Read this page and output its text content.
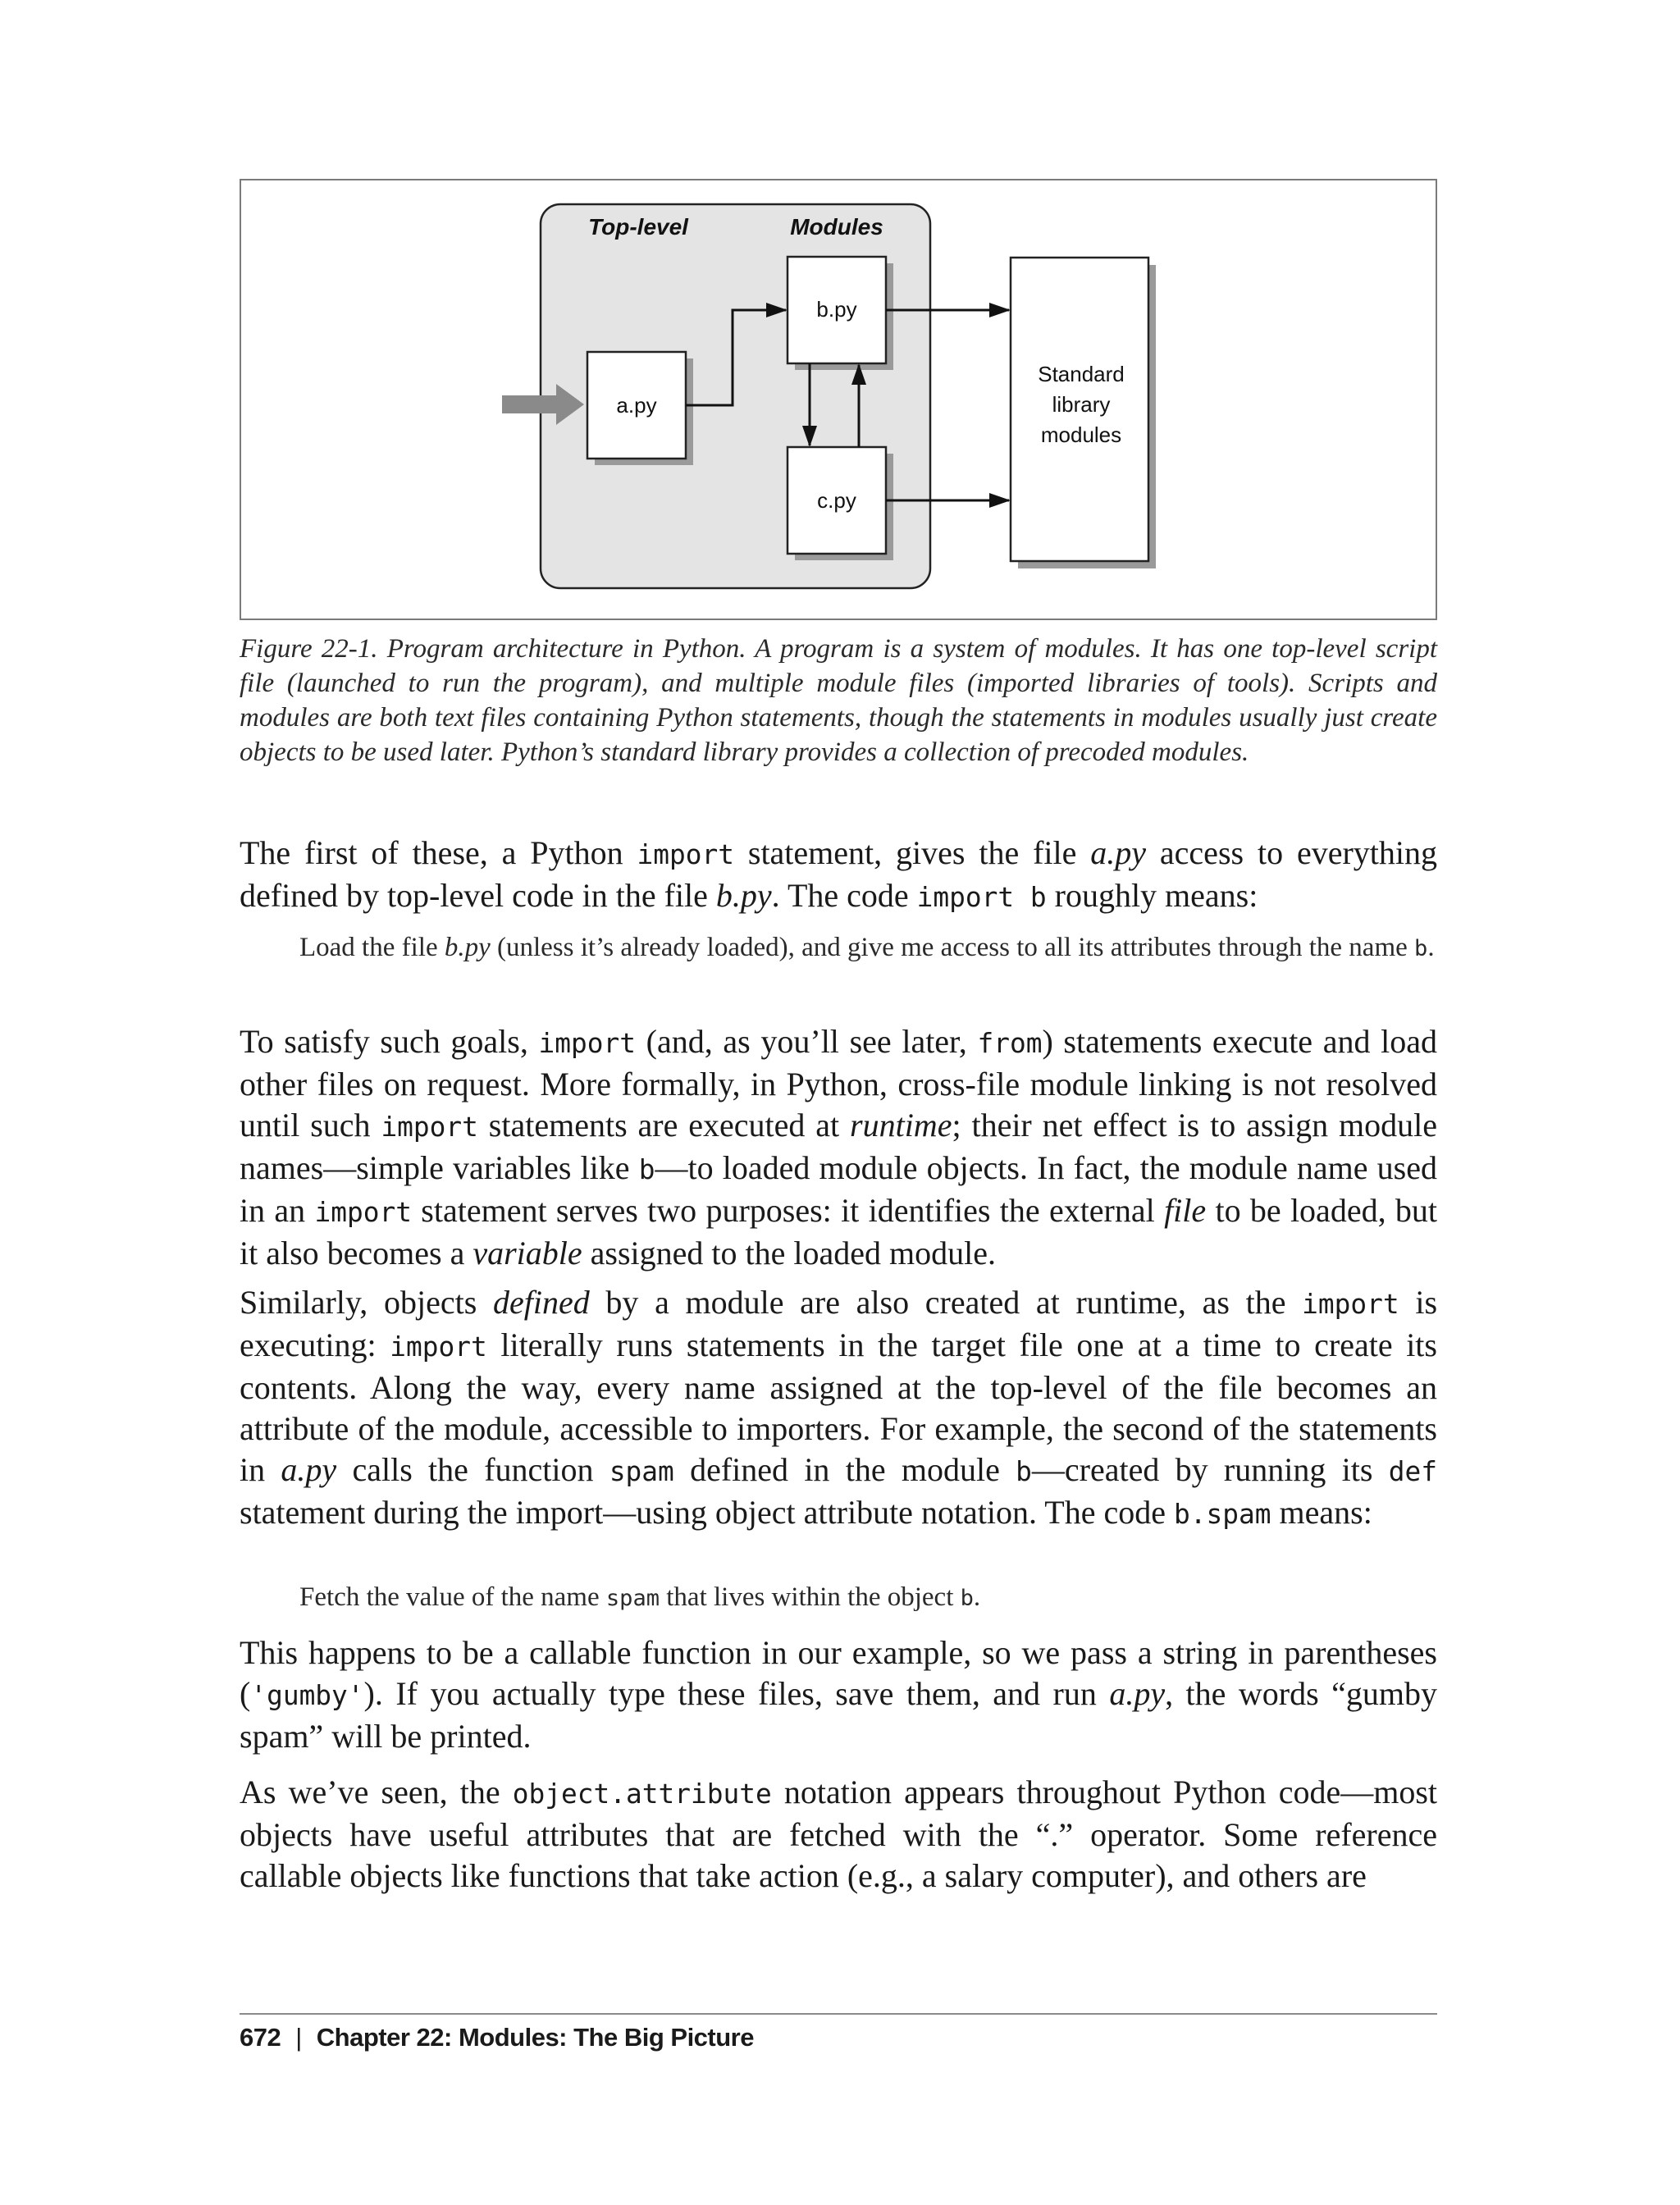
Top-level	Modules
a.py
b.py
c.py
Standard
library
modules
Figure 22-1. Program architecture in Python. A program is a system of modules. It has one top-level script file (launched to run the program), and multiple module files (imported libraries of tools). Scripts and modules are both text files containing Python statements, though the statements in modules usually just create objects to be used later. Python’s standard library provides a collection of precoded modules.

The first of these, a Python import statement, gives the file a.py access to everything defined by top-level code in the file b.py. The code import b roughly means:

Load the file b.py (unless it’s already loaded), and give me access to all its attributes through the name b.

To satisfy such goals, import (and, as you’ll see later, from) statements execute and load other files on request. More formally, in Python, cross-file module linking is not resolved until such import statements are executed at runtime; their net effect is to assign module names—simple variables like b—to loaded module objects. In fact, the module name used in an import statement serves two purposes: it identifies the external file to be loaded, but it also becomes a variable assigned to the loaded module.

Similarly, objects defined by a module are also created at runtime, as the import is executing: import literally runs statements in the target file one at a time to create its contents. Along the way, every name assigned at the top-level of the file becomes an attribute of the module, accessible to importers. For example, the second of the statements in a.py calls the function spam defined in the module b—created by running its def statement during the import—using object attribute notation. The code b.spam means:

Fetch the value of the name spam that lives within the object b.

This happens to be a callable function in our example, so we pass a string in parentheses ('gumby'). If you actually type these files, save them, and run a.py, the words “gumby spam” will be printed.

As we’ve seen, the object.attribute notation appears throughout Python code—most objects have useful attributes that are fetched with the “.” operator. Some reference callable objects like functions that take action (e.g., a salary computer), and others are

672 | Chapter 22: Modules: The Big Picture
